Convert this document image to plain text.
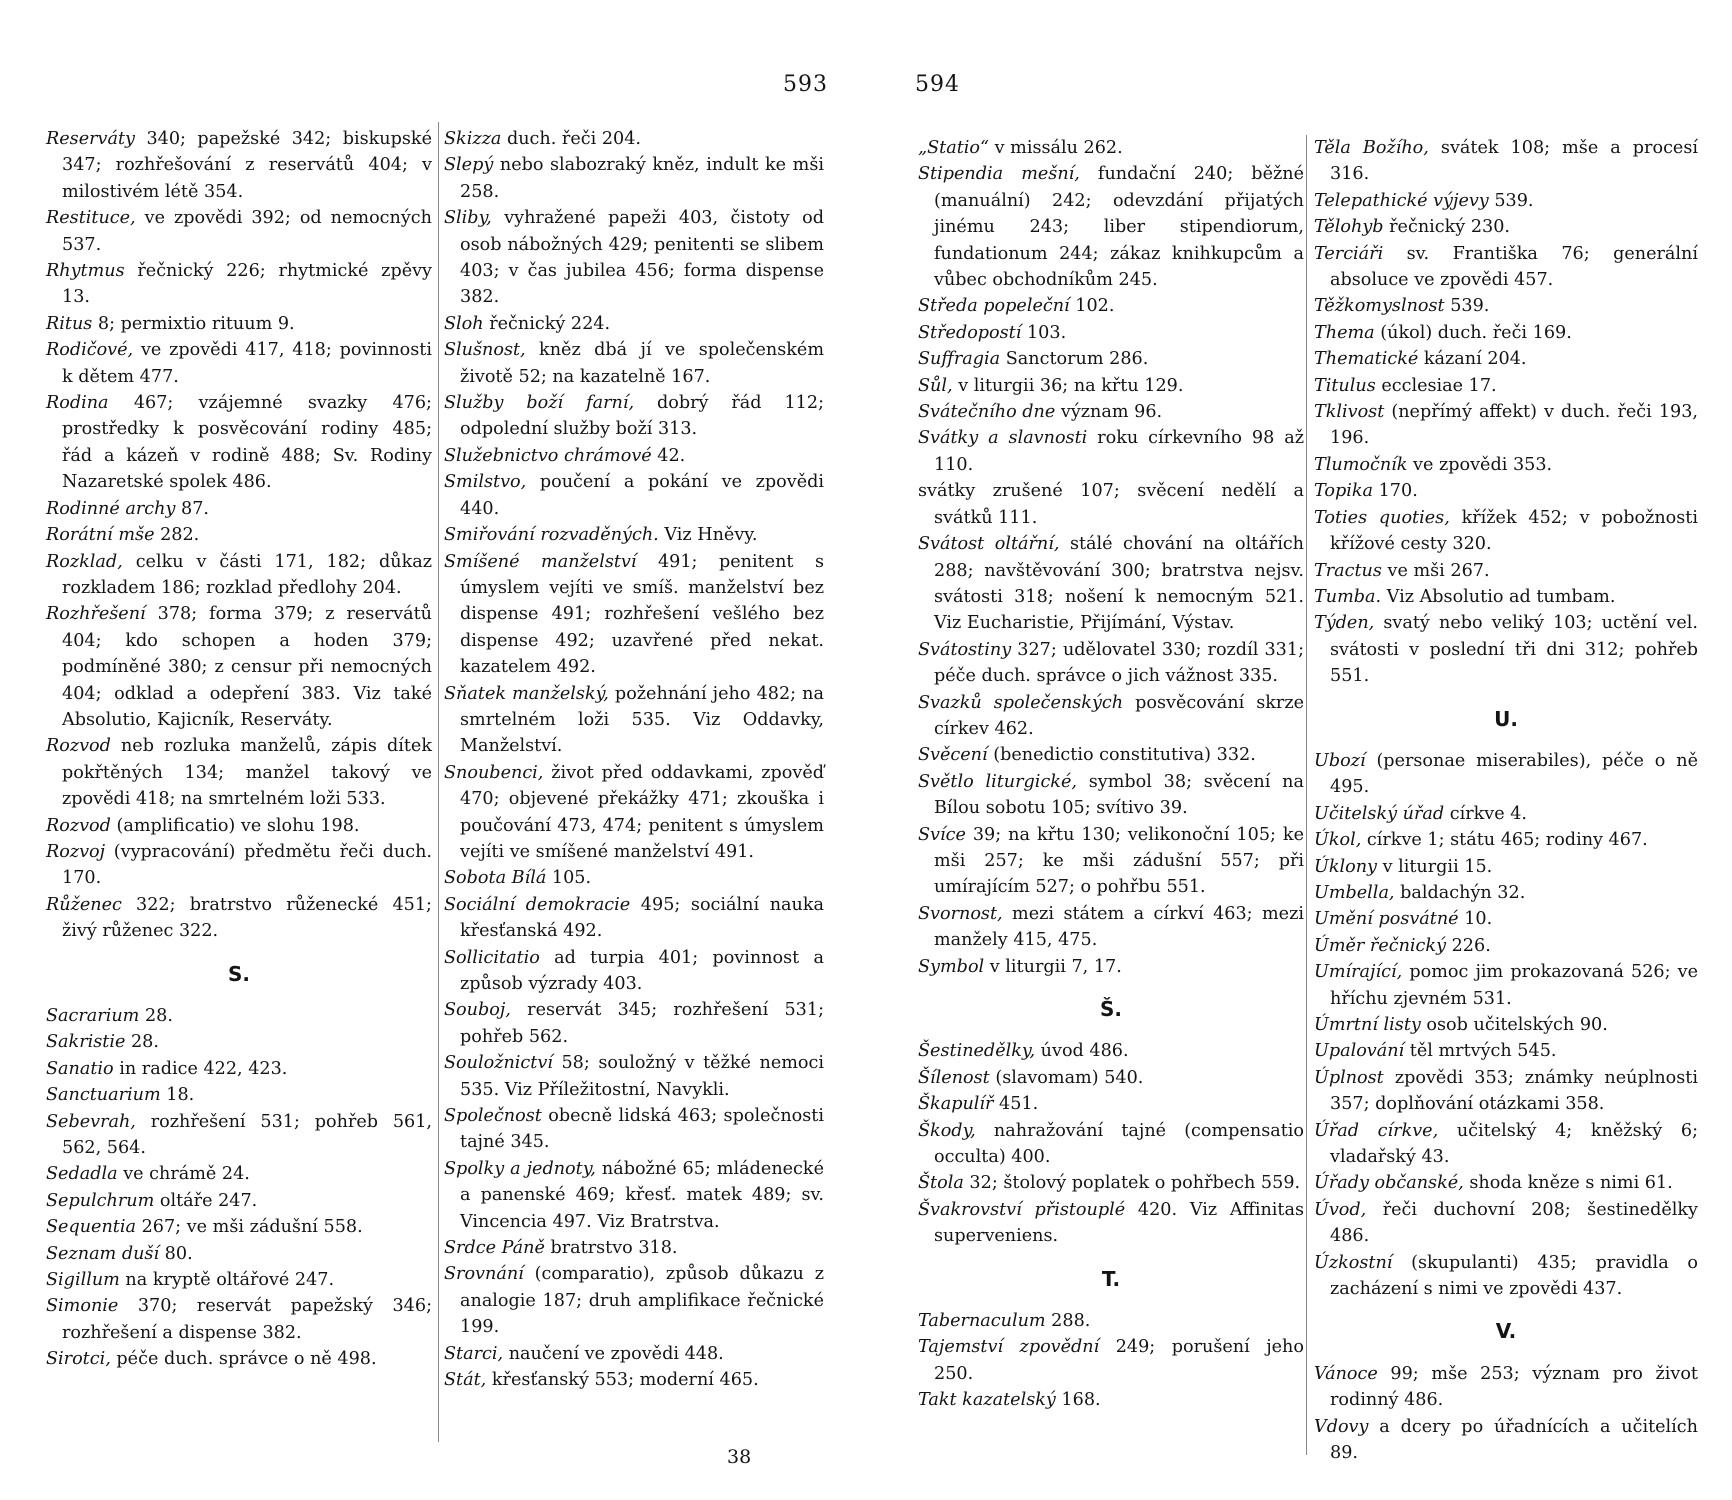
593	594

Reserváty 340; papežské 342; biskupské 347; rozhřešování z reservátů 404; v milostivém létě 354.

Restituce, ve zpovědi 392; od nemocných 537.

Rhytmus řečnický 226; rhytmické zpěvy 13.

Ritus 8; permixtio rituum 9.

Rodičové, ve zpovědi 417, 418; povinnosti k dětem 477.

Rodina 467; vzájemné svazky 476; prostředky k posvěcování rodiny 485; řád a kázeň v rodině 488; Sv. Rodiny Nazaretské spolek 486.

Rodinné archy 87.

Rorátní mše 282.

Rozklad, celku v části 171, 182; důkaz rozkladem 186; rozklad předlohy 204.

Rozhřešení 378; forma 379; z reservátů 404; kdo schopen a hoden 379; podmíněné 380; z censur při nemocných 404; odklad a odepření 383. Viz také Absolutio, Kajicník, Reserváty.

Rozvod neb rozluka manželů, zápis dítek pokřtěných 134; manžel takový ve zpovědi 418; na smrtelném loži 533.

Rozvod (amplificatio) ve slohu 198.

Rozvoj (vypracování) předmětu řeči duch. 170.

Růženec 322; bratrstvo růženecké 451; živý růženec 322.

S.

Sacrarium 28.

Sakristie 28.

Sanatio in radice 422, 423.

Sanctuarium 18.

Sebevrah, rozhřešení 531; pohřeb 561, 562, 564.

Sedadla ve chrámě 24.

Sepulchrum oltáře 247.

Sequentia 267; ve mši zádušní 558.

Seznam duší 80.

Sigillum na kryptě oltářové 247.

Simonie 370; reservát papežský 346; rozhřešení a dispense 382.

Sirotci, péče duch. správce o ně 498.

Skizza duch. řeči 204.

Slepý nebo slabozraký kněz, indult ke mši 258.

Sliby, vyhražené papeži 403, čistoty od osob nábožných 429; penitenti se slibem 403; v čas jubilea 456; forma dispense 382.

Sloh řečnický 224.

Slušnost, kněz dbá jí ve společenském životě 52; na kazatelně 167.

Služby boží farní, dobrý řád 112; odpolední služby boží 313.

Služebnictvo chrámové 42.

Smilstvo, poučení a pokání ve zpovědi 440.

Smiřování rozvaděných. Viz Hněvy.

Smíšené manželství 491; penitent s úmyslem vejíti ve smíš. manželství bez dispense 491; rozhřešení vešlého bez dispense 492; uzavřené před nekat. kazatelem 492.

Sňatek manželský, požehnání jeho 482; na smrtelném loži 535. Viz Oddavky, Manželství.

Snoubenci, život před oddavkami, zpověď 470; objevené překážky 471; zkouška i poučování 473, 474; penitent s úmyslem vejíti ve smíšené manželství 491.

Sobota Bílá 105.

Sociální demokracie 495; sociální nauka křesťanská 492.

Sollicitatio ad turpia 401; povinnost a způsob výzrady 403.

Souboj, reservát 345; rozhřešení 531; pohřeb 562.

Souložnictví 58; souložný v těžké nemoci 535. Viz Příležitostní, Navykli.

Společnost obecně lidská 463; společnosti tajné 345.

Spolky a jednoty, nábožné 65; mládenecké a panenské 469; křesť. matek 489; sv. Vincencia 497. Viz Bratrstva.

Srdce Páně bratrstvo 318.

Srovnání (comparatio), způsob důkazu z analogie 187; druh amplifikace řečnické 199.

Starci, naučení ve zpovědi 448.

Stát, křesťanský 553; moderní 465.

„Statio“ v missálu 262.

Stipendia mešní, fundační 240; běžné (manuální) 242; odevzdání přijatých jinému 243; liber stipendiorum, fundationum 244; zákaz knihkupcům a vůbec obchodníkům 245.

Středa popeleční 102.

Středopostí 103.

Suffragia Sanctorum 286.

Sůl, v liturgii 36; na křtu 129.

Svátečního dne význam 96.

Svátky a slavnosti roku církevního 98 až 110.

svátky zrušené 107; svěcení nedělí a svátků 111.

Svátost oltářní, stálé chování na oltářích 288; navštěvování 300; bratrstva nejsv. svátosti 318; nošení k nemocným 521. Viz Eucharistie, Přijímání, Výstav.

Svátostiny 327; udělovatel 330; rozdíl 331; péče duch. správce o jich vážnost 335.

Svazků společenských posvěcování skrze církev 462.

Svěcení (benedictio constitutiva) 332.

Světlo liturgické, symbol 38; svěcení na Bílou sobotu 105; svítivo 39.

Svíce 39; na křtu 130; velikonoční 105; ke mši 257; ke mši zádušní 557; při umírajícím 527; o pohřbu 551.

Svornost, mezi státem a církví 463; mezi manžely 415, 475.

Symbol v liturgii 7, 17.

Š.

Šestinedělky, úvod 486.

Šílenost (slavomam) 540.

Škapulíř 451.

Škody, nahražování tajné (compensatio occulta) 400.

Štola 32; štolový poplatek o pohřbech 559.

Švakrovství přistouplé 420. Viz Affinitas superveniens.

T.

Tabernaculum 288.

Tajemství zpovědní 249; porušení jeho 250.

Takt kazatelský 168.

Těla Božího, svátek 108; mše a procesí 316.

Telepathické výjevy 539.

Tělohyb řečnický 230.

Terciáři sv. Františka 76; generální absoluce ve zpovědi 457.

Těžkomyslnost 539.

Thema (úkol) duch. řeči 169.

Thematické kázaní 204.

Titulus ecclesiae 17.

Tklivost (nepřímý affekt) v duch. řeči 193, 196.

Tlumočník ve zpovědi 353.

Topika 170.

Toties quoties, křížek 452; v pobožnosti křížové cesty 320.

Tractus ve mši 267.

Tumba. Viz Absolutio ad tumbam.

Týden, svatý nebo veliký 103; uctění vel. svátosti v poslední tři dni 312; pohřeb 551.

U.

Ubozí (personae miserabiles), péče o ně 495.

Učitelský úřad církve 4.

Úkol, církve 1; státu 465; rodiny 467.

Úklony v liturgii 15.

Umbella, baldachýn 32.

Umění posvátné 10.

Úměr řečnický 226.

Umírající, pomoc jim prokazovaná 526; ve hříchu zjevném 531.

Úmrtní listy osob učitelských 90.

Upalování těl mrtvých 545.

Úplnost zpovědi 353; známky neúplnosti 357; doplňování otázkami 358.

Úřad církve, učitelský 4; kněžský 6; vladařský 43.

Úřady občanské, shoda kněze s nimi 61.

Úvod, řeči duchovní 208; šestinedělky 486.

Úzkostní (skupulanti) 435; pravidla o zacházení s nimi ve zpovědi 437.

V.

Vánoce 99; mše 253; význam pro život rodinný 486.

Vdovy a dcery po úřadnících a učitelích 89.

38
